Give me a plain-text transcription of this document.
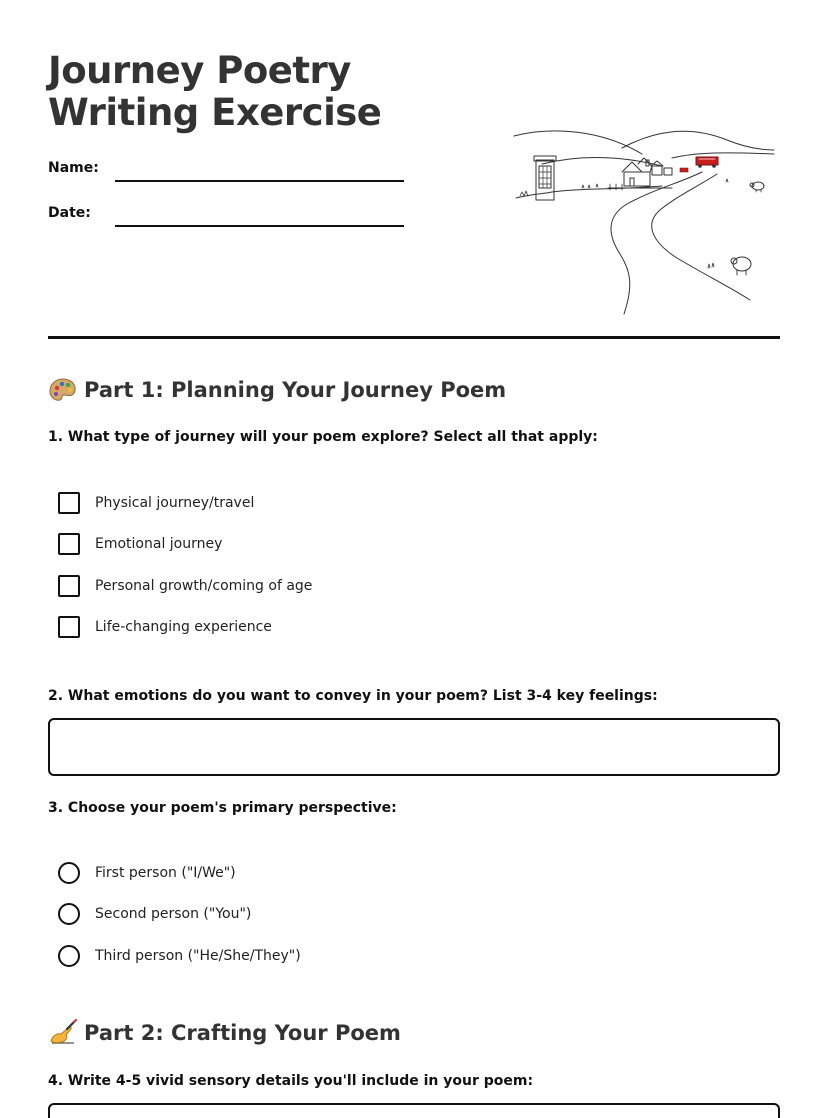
Journey Poetry Writing Exercise
Name:
Date:
Part 1: Planning Your Journey Poem

1. What type of journey will your poem explore? Select all that apply:

Physical journey/travel
Emotional journey
Personal growth/coming of age
Life-changing experience

2. What emotions do you want to convey in your poem? List 3-4 key feelings:

3. Choose your poem's primary perspective:

First person ("I/We")
Second person ("You")
Third person ("He/She/They")
Part 2: Crafting Your Poem

4. Write 4-5 vivid sensory details you'll include in your poem:
